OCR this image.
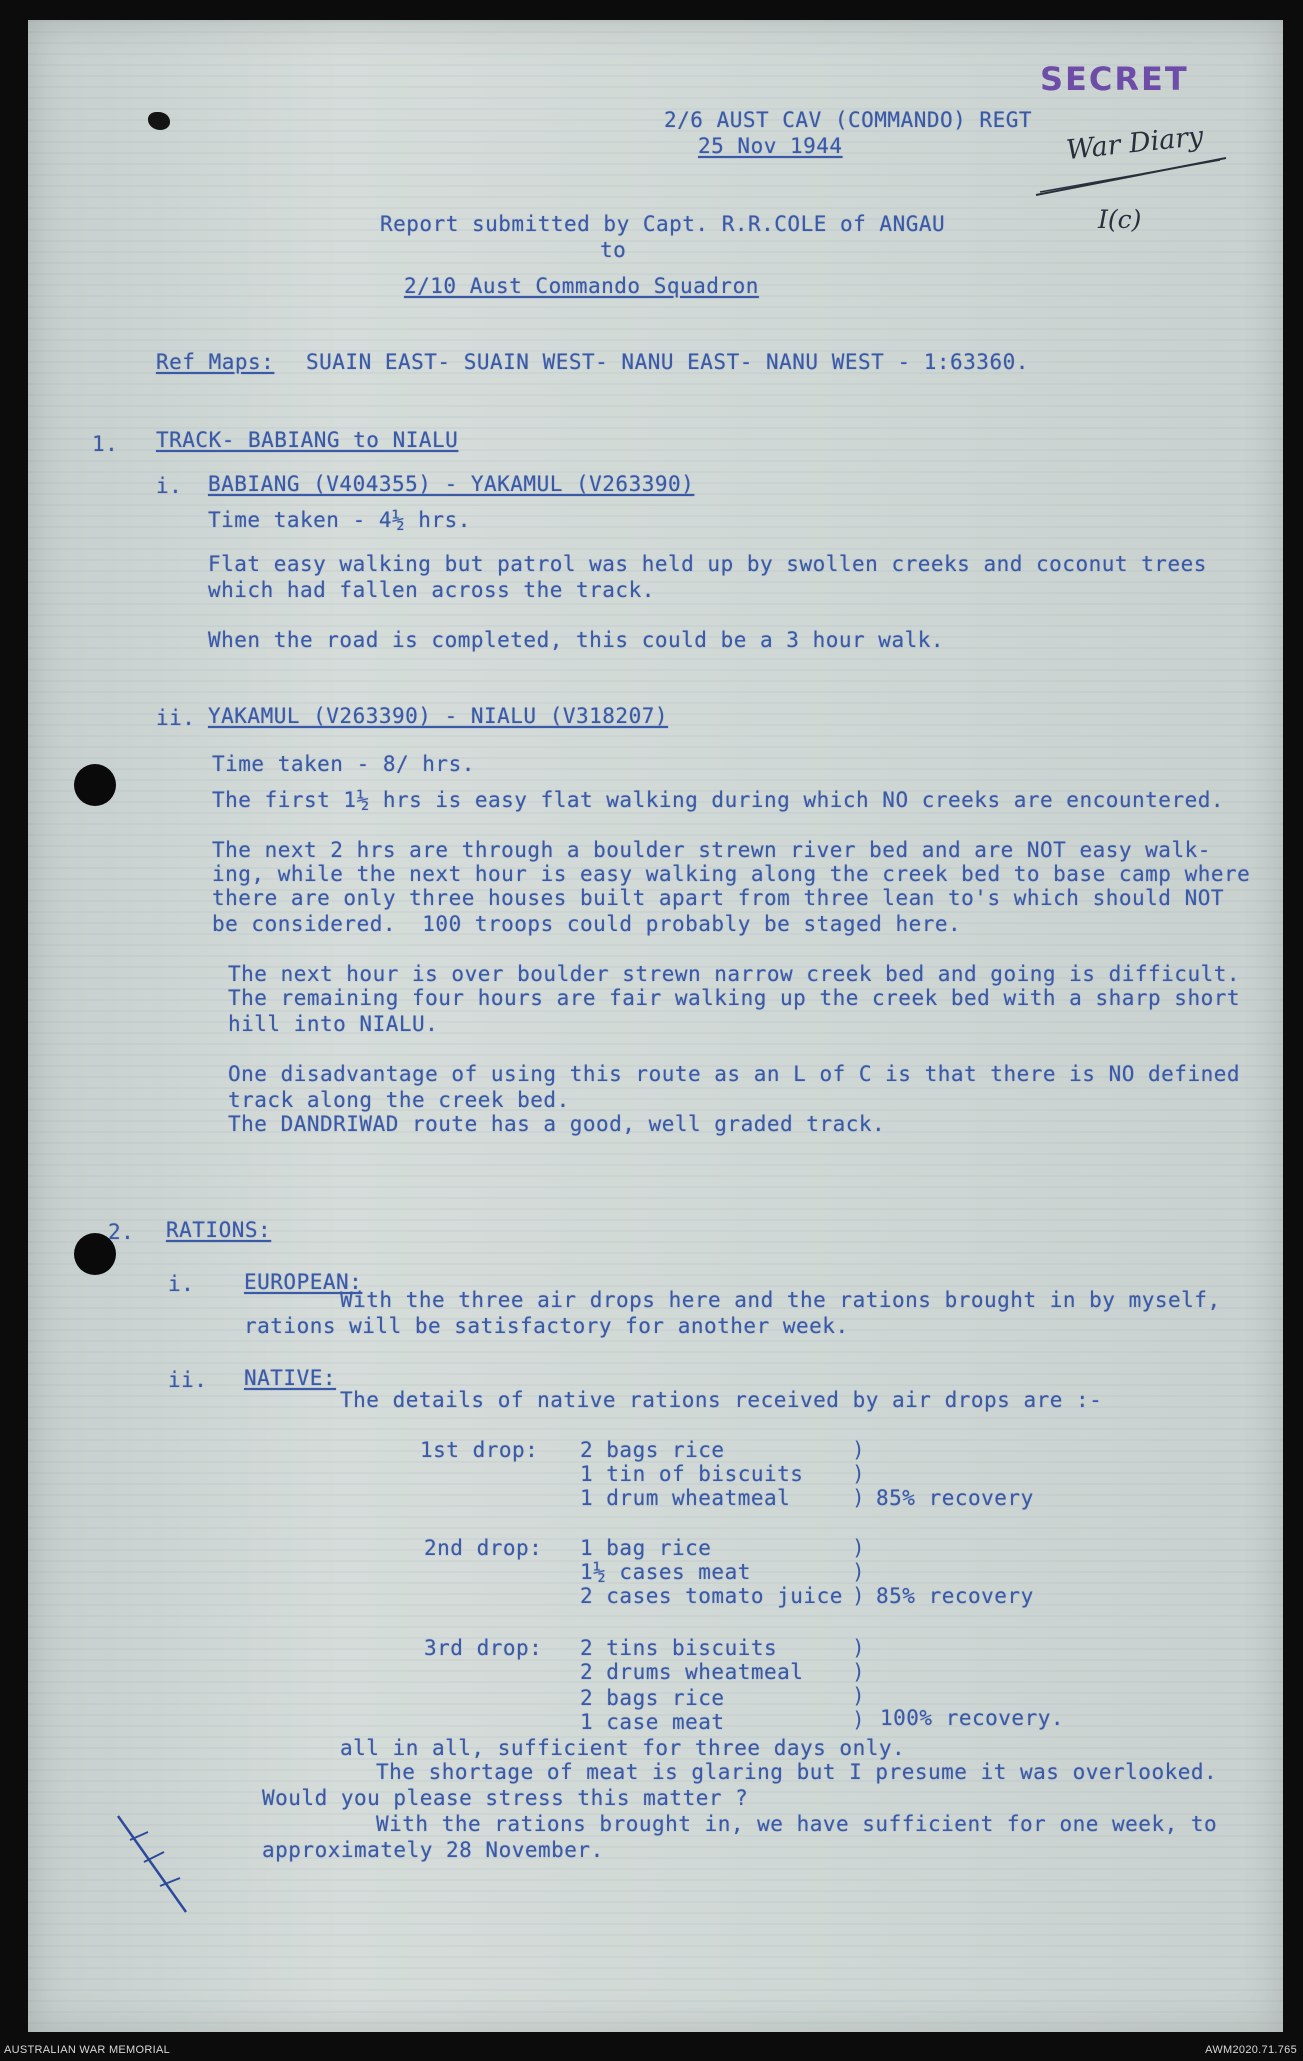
SECRET
War Diary
I(c)
2/6 AUST CAV (COMMANDO) REGT
25 Nov 1944
Report submitted by Capt. R.R.COLE of ANGAU
to
2/10 Aust Commando Squadron
Ref Maps: SUAIN EAST- SUAIN WEST- NANU EAST- NANU WEST - 1:63360.
1. TRACK- BABIANG to NIALU
i. BABIANG (V404355) - YAKAMUL (V263390)
Time taken - 4½ hrs.
Flat easy walking but patrol was held up by swollen creeks and coconut trees
which had fallen across the track.
When the road is completed, this could be a 3 hour walk.
ii. YAKAMUL (V263390) - NIALU (V318207)
Time taken - 8/ hrs.
The first 1½ hrs is easy flat walking during which NO creeks are encountered.
The next 2 hrs are through a boulder strewn river bed and are NOT easy walk-
ing, while the next hour is easy walking along the creek bed to base camp where
there are only three houses built apart from three lean to's which should NOT
be considered.  100 troops could probably be staged here.
The next hour is over boulder strewn narrow creek bed and going is difficult.
The remaining four hours are fair walking up the creek bed with a sharp short
hill into NIALU.
One disadvantage of using this route as an L of C is that there is NO defined
track along the creek bed.
The DANDRIWAD route has a good, well graded track.
2. RATIONS:
i. EUROPEAN:
With the three air drops here and the rations brought in by myself,
rations will be satisfactory for another week.
ii. NATIVE:
The details of native rations received by air drops are :-
1st drop: 2 bags rice
1 tin of biscuits
1 drum wheatmeal
)
)
) 85% recovery
2nd drop: 1 bag rice
1½ cases meat
2 cases tomato juice
)
)
) 85% recovery
3rd drop: 2 tins biscuits
2 drums wheatmeal
2 bags rice
1 case meat
)
)
)
) 100% recovery.
all in all, sufficient for three days only.
The shortage of meat is glaring but I presume it was overlooked.
Would you please stress this matter ?
With the rations brought in, we have sufficient for one week, to
approximately 28 November.
AUSTRALIAN WAR MEMORIAL	AWM2020.71.765
